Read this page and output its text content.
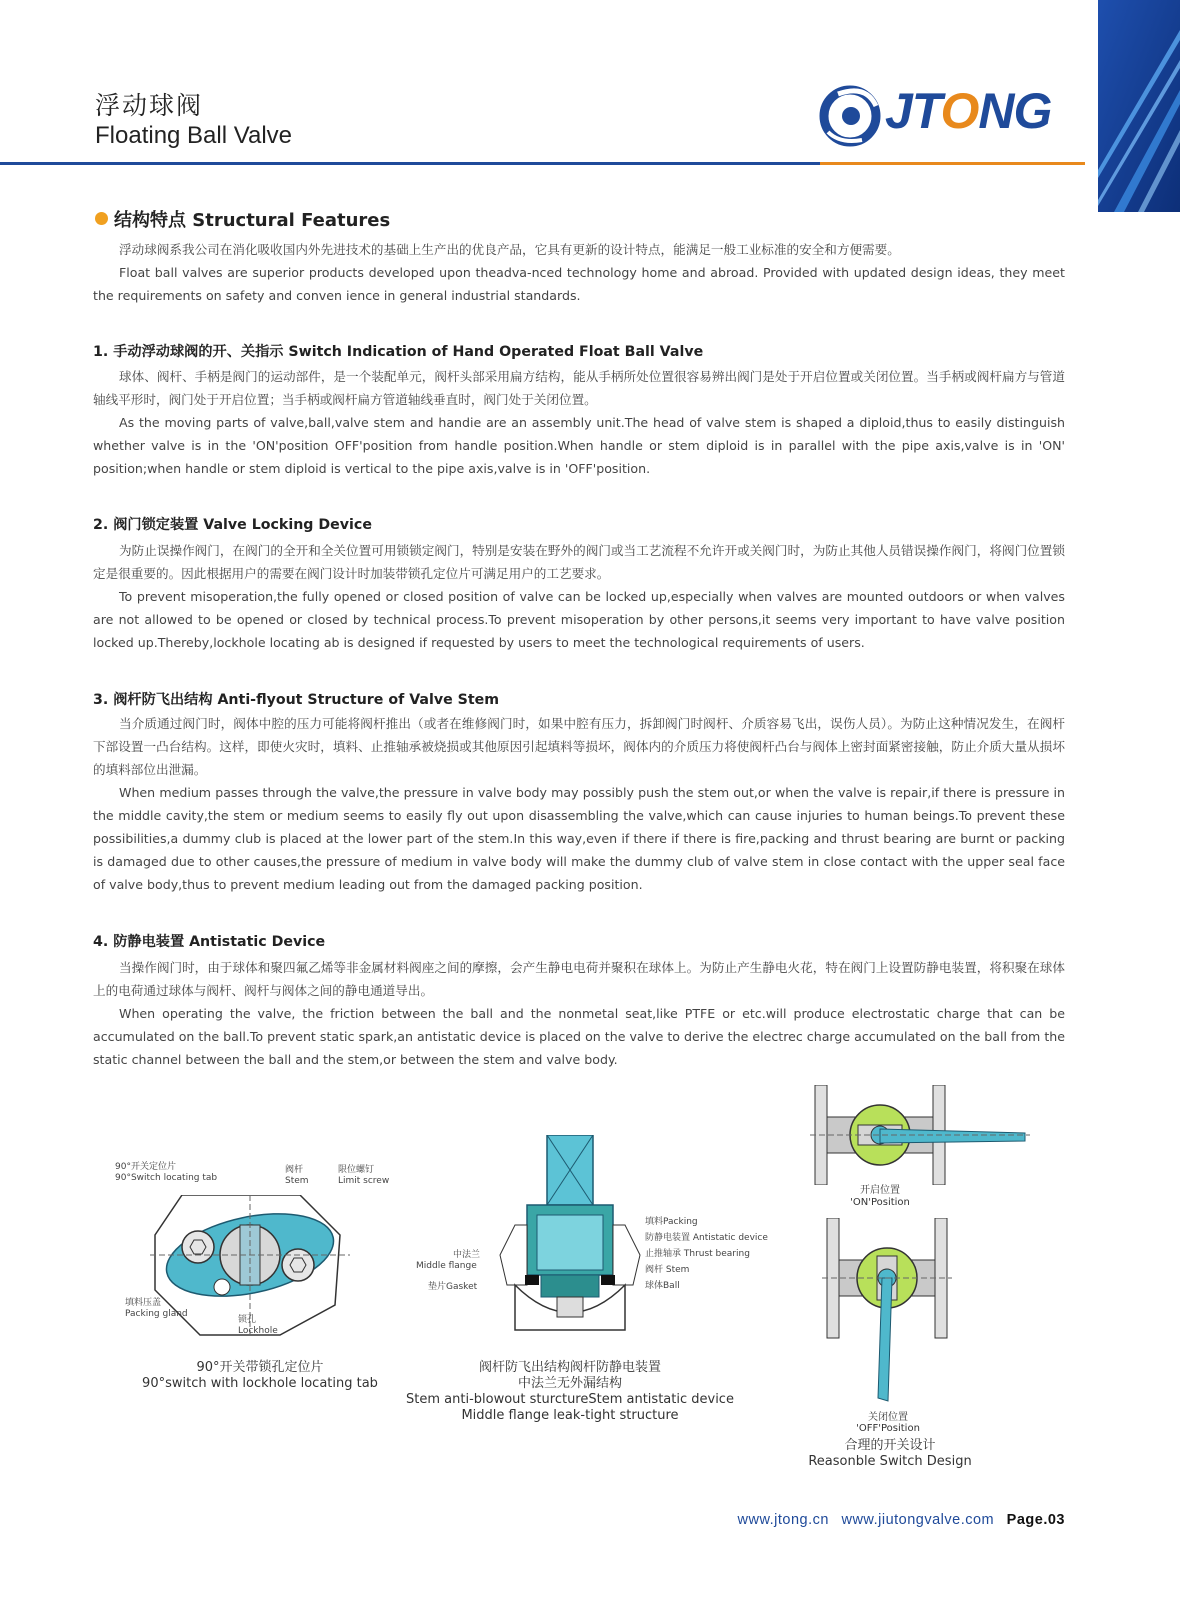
浮动球阀
Floating Ball Valve	JTONG
结构特点 Structural Features

浮动球阀系我公司在消化吸收国内外先进技术的基础上生产出的优良产品，它具有更新的设计特点，能满足一般工业标准的安全和方便需要。

Float ball valves are superior products developed upon theadva-nced technology home and abroad. Provided with updated design ideas, they meet the requirements on safety and conven ience in general industrial standards.

1. 手动浮动球阀的开、关指示 Switch Indication of Hand Operated Float Ball Valve

球体、阀杆、手柄是阀门的运动部件，是一个装配单元，阀杆头部采用扁方结构，能从手柄所处位置很容易辨出阀门是处于开启位置或关闭位置。当手柄或阀杆扁方与管道轴线平形时，阀门处于开启位置；当手柄或阀杆扁方管道轴线垂直时，阀门处于关闭位置。

As the moving parts of valve,ball,valve stem and handie are an assembly unit.The head of valve stem is shaped a diploid,thus to easily distinguish whether valve is in the 'ON'position OFF'position from handle position.When handle or stem diploid is in parallel with the pipe axis,valve is in 'ON' position;when handle or stem diploid is vertical to the pipe axis,valve is in 'OFF'position.

2. 阀门锁定装置 Valve Locking Device

为防止误操作阀门，在阀门的全开和全关位置可用锁锁定阀门，特别是安装在野外的阀门或当工艺流程不允许开或关阀门时，为防止其他人员错误操作阀门，将阀门位置锁定是很重要的。因此根据用户的需要在阀门设计时加装带锁孔定位片可满足用户的工艺要求。

To prevent misoperation,the fully opened or closed position of valve can be locked up,especially when valves are mounted outdoors or when valves are not allowed to be opened or closed by technical process.To prevent misoperation by other persons,it seems very important to have valve position locked up.Thereby,lockhole locating ab is designed if requested by users to meet the technological requirements of users.

3. 阀杆防飞出结构 Anti-flyout Structure of Valve Stem

当介质通过阀门时，阀体中腔的压力可能将阀杆推出（或者在维修阀门时，如果中腔有压力，拆卸阀门时阀杆、介质容易飞出，误伤人员）。为防止这种情况发生，在阀杆下部设置一凸台结构。这样，即使火灾时，填料、止推轴承被烧损或其他原因引起填料等损坏，阀体内的介质压力将使阀杆凸台与阀体上密封面紧密接触，防止介质大量从损坏的填料部位出泄漏。

When medium passes through the valve,the pressure in valve body may possibly push the stem out,or when the valve is repair,if there is pressure in the middle cavity,the stem or medium seems to easily fly out upon disassembling the valve,which can cause injuries to human beings.To prevent these possibilities,a dummy club is placed at the lower part of the stem.In this way,even if there if there is fire,packing and thrust bearing are burnt or packing is damaged due to other causes,the pressure of medium in valve body will make the dummy club of valve stem in close contact with the upper seal face of valve body,thus to prevent medium leading out from the damaged packing position.

4. 防静电装置 Antistatic Device

当操作阀门时，由于球体和聚四氟乙烯等非金属材料阀座之间的摩擦，会产生静电电荷并聚积在球体上。为防止产生静电火花，特在阀门上设置防静电装置，将积聚在球体上的电荷通过球体与阀杆、阀杆与阀体之间的静电通道导出。

When operating the valve, the friction between the ball and the nonmetal seat,like PTFE or etc.will produce electrostatic charge that can be accumulated on the ball.To prevent static spark,an antistatic device is placed on the valve to derive the electrec charge accumulated on the ball from the static channel between the ball and the stem,or between the stem and valve body.

90°开关定位片
90°Switch locating tab
阀杆
Stem
限位螺钉
Limit screw
填料压盖
Packing gland
锁孔
Lockhole
90°开关带锁孔定位片
90°switch with lockhole locating tab
填料Packing
防静电装置 Antistatic device
止推轴承 Thrust bearing
阀杆 Stem
球体Ball
中法兰
Middle flange
垫片Gasket
阀杆防飞出结构阀杆防静电装置
中法兰无外漏结构
Stem anti-blowout sturctureStem antistatic device
Middle flange leak-tight structure
开启位置
'ON'Position
关闭位置
'OFF'Position
合理的开关设计
Reasonble Switch Design
www.jtong.cn www.jiutongvalve.com Page.03
